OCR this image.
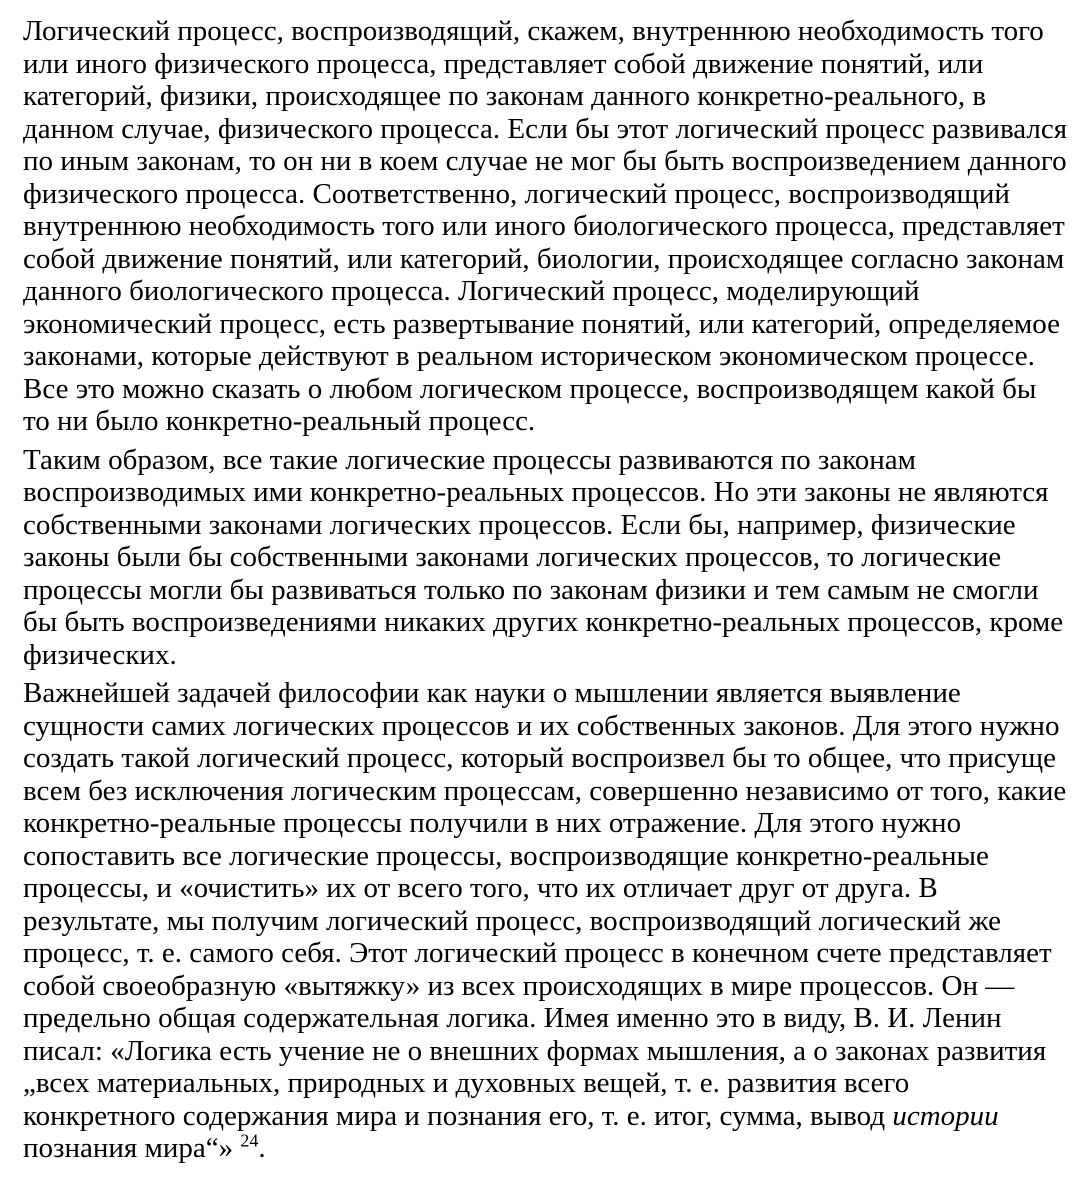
Логический процесс, воспроизводящий, скажем, внутреннюю необходимость того
или иного физического процесса, представляет собой движение понятий, или
категорий, физики, происходящее по законам данного конкретно-реального, в
данном случае, физического процесса. Если бы этот логический процесс развивался
по иным законам, то он ни в коем случае не мог бы быть воспроизведением данного
физического процесса. Соответственно, логический процесс, воспроизводящий
внутреннюю необходимость того или иного биологического процесса, представляет
собой движение понятий, или категорий, биологии, происходящее согласно законам
данного биологического процесса. Логический процесс, моделирующий
экономический процесс, есть развертывание понятий, или категорий, определяемое
законами, которые действуют в реальном историческом экономическом процессе.
Все это можно сказать о любом логическом процессе, воспроизводящем какой бы
то ни было конкретно-реальный процесс.
Таким образом, все такие логические процессы развиваются по законам
воспроизводимых ими конкретно-реальных процессов. Но эти законы не являются
собственными законами логических процессов. Если бы, например, физические
законы были бы собственными законами логических процессов, то логические
процессы могли бы развиваться только по законам физики и тем самым не смогли
бы быть воспроизведениями никаких других конкретно-реальных процессов, кроме
физических.
Важнейшей задачей философии как науки о мышлении является выявление
сущности самих логических процессов и их собственных законов. Для этого нужно
создать такой логический процесс, который воспроизвел бы то общее, что присуще
всем без исключения логическим процессам, совершенно независимо от того, какие
конкретно-реальные процессы получили в них отражение. Для этого нужно
сопоставить все логические процессы, воспроизводящие конкретно-реальные
процессы, и «очистить» их от всего того, что их отличает друг от друга. В
результате, мы получим логический процесс, воспроизводящий логический же
процесс, т. е. самого себя. Этот логический процесс в конечном счете представляет
собой своеобразную «вытяжку» из всех происходящих в мире процессов. Он —
предельно общая содержательная логика. Имея именно это в виду, В. И. Ленин
писал: «Логика есть учение не о внешних формах мышления, а о законах развития
„всех материальных, природных и духовных вещей, т. е. развития всего
конкретного содержания мира и познания его, т. е. итог, сумма, вывод истории
познания мира“» $^{24}$.
